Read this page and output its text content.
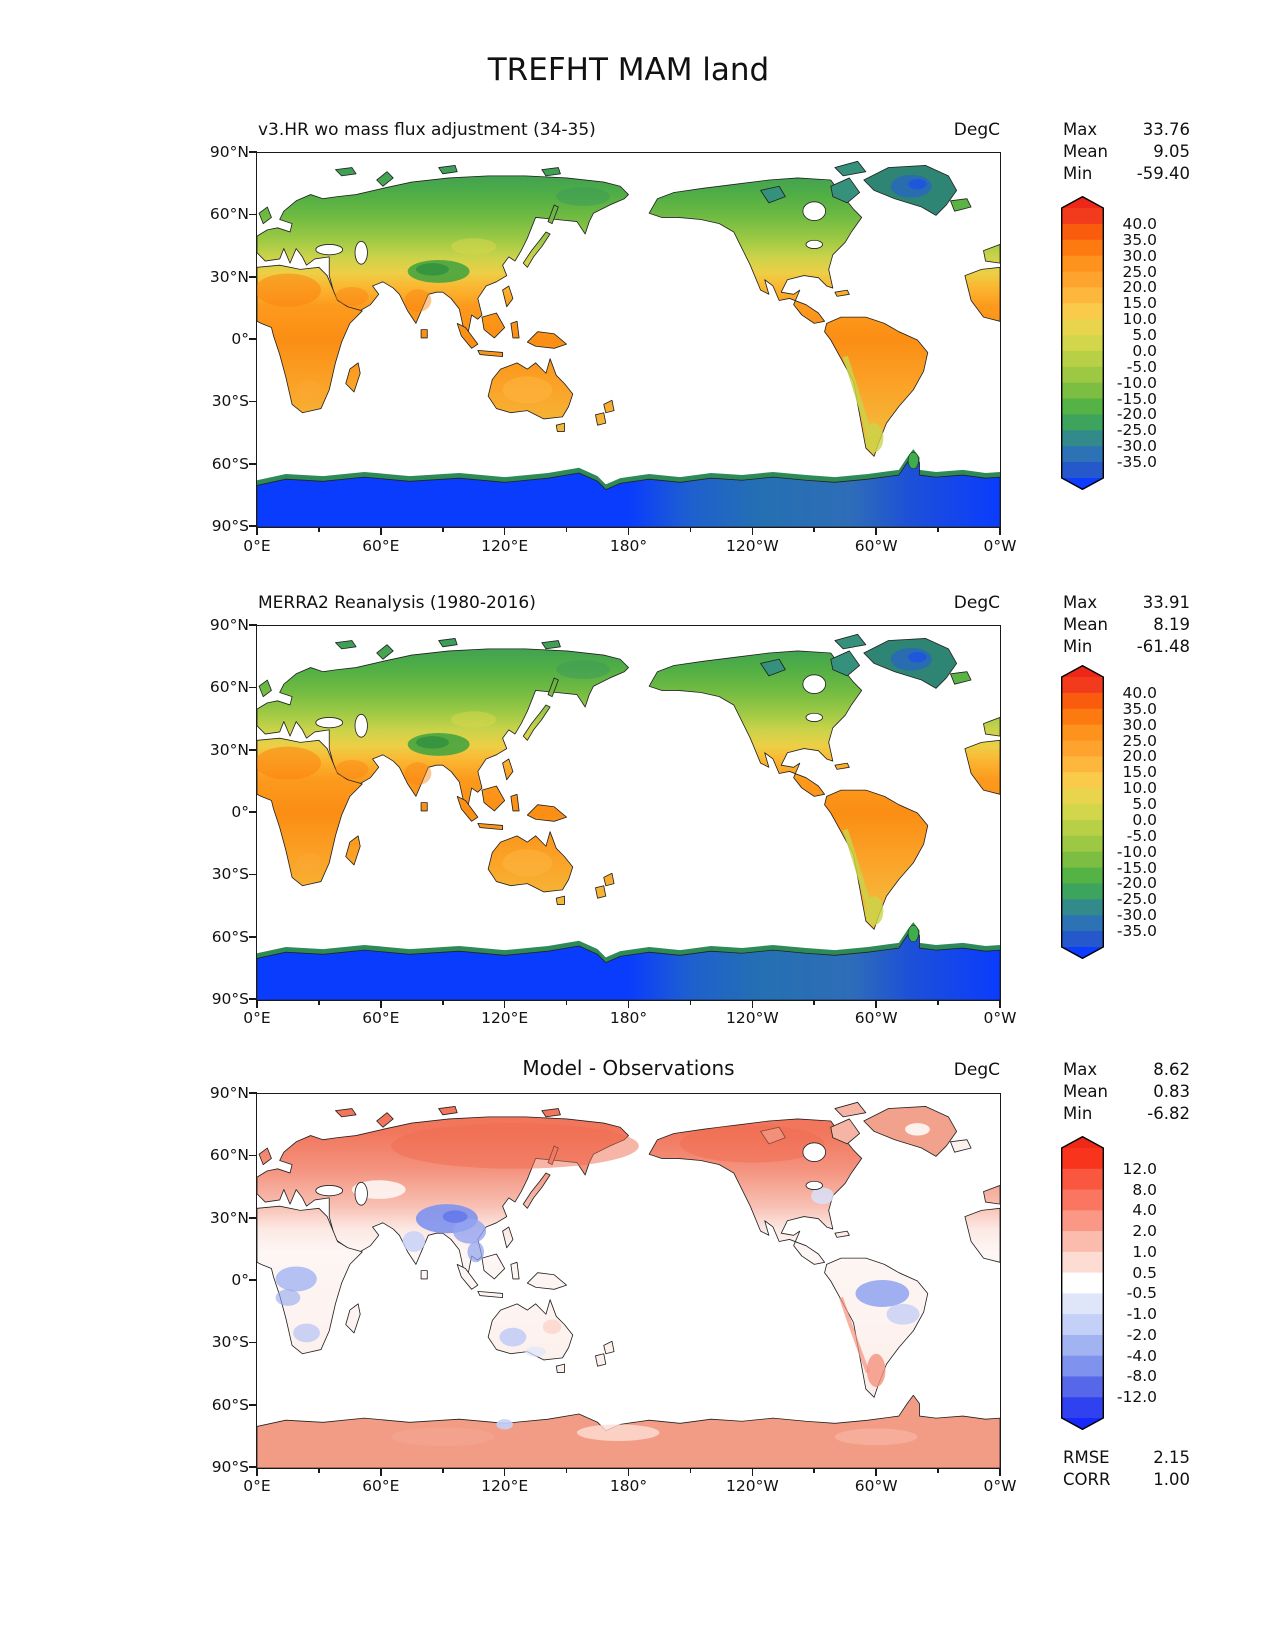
TREFHT MAM land
v3.HR wo mass flux adjustment (34-35)	DegC	Max	33.76
Mean	9.05
Min	-59.40
90°N
60°N
30°N
0°
30°S
60°S
90°S
0°E	60°E	120°E	180°	120°W	60°W	0°W
40.0
35.0
30.0
25.0
20.0
15.0
10.0
5.0
0.0
-5.0
-10.0
-15.0
-20.0
-25.0
-30.0
-35.0
MERRA2 Reanalysis (1980-2016)	DegC	Max	33.91
Mean	8.19
Min	-61.48
90°N
60°N
30°N
0°
30°S
60°S
90°S
0°E	60°E	120°E	180°	120°W	60°W	0°W
40.0
35.0
30.0
25.0
20.0
15.0
10.0
5.0
0.0
-5.0
-10.0
-15.0
-20.0
-25.0
-30.0
-35.0
Model - Observations	DegC	Max	8.62
Mean	0.83
Min	-6.82
RMSE	2.15
CORR	1.00
90°N
60°N
30°N
0°
30°S
60°S
90°S
0°E	60°E	120°E	180°	120°W	60°W	0°W
12.0
8.0
4.0
2.0
1.0
0.5
-0.5
-1.0
-2.0
-4.0
-8.0
-12.0
